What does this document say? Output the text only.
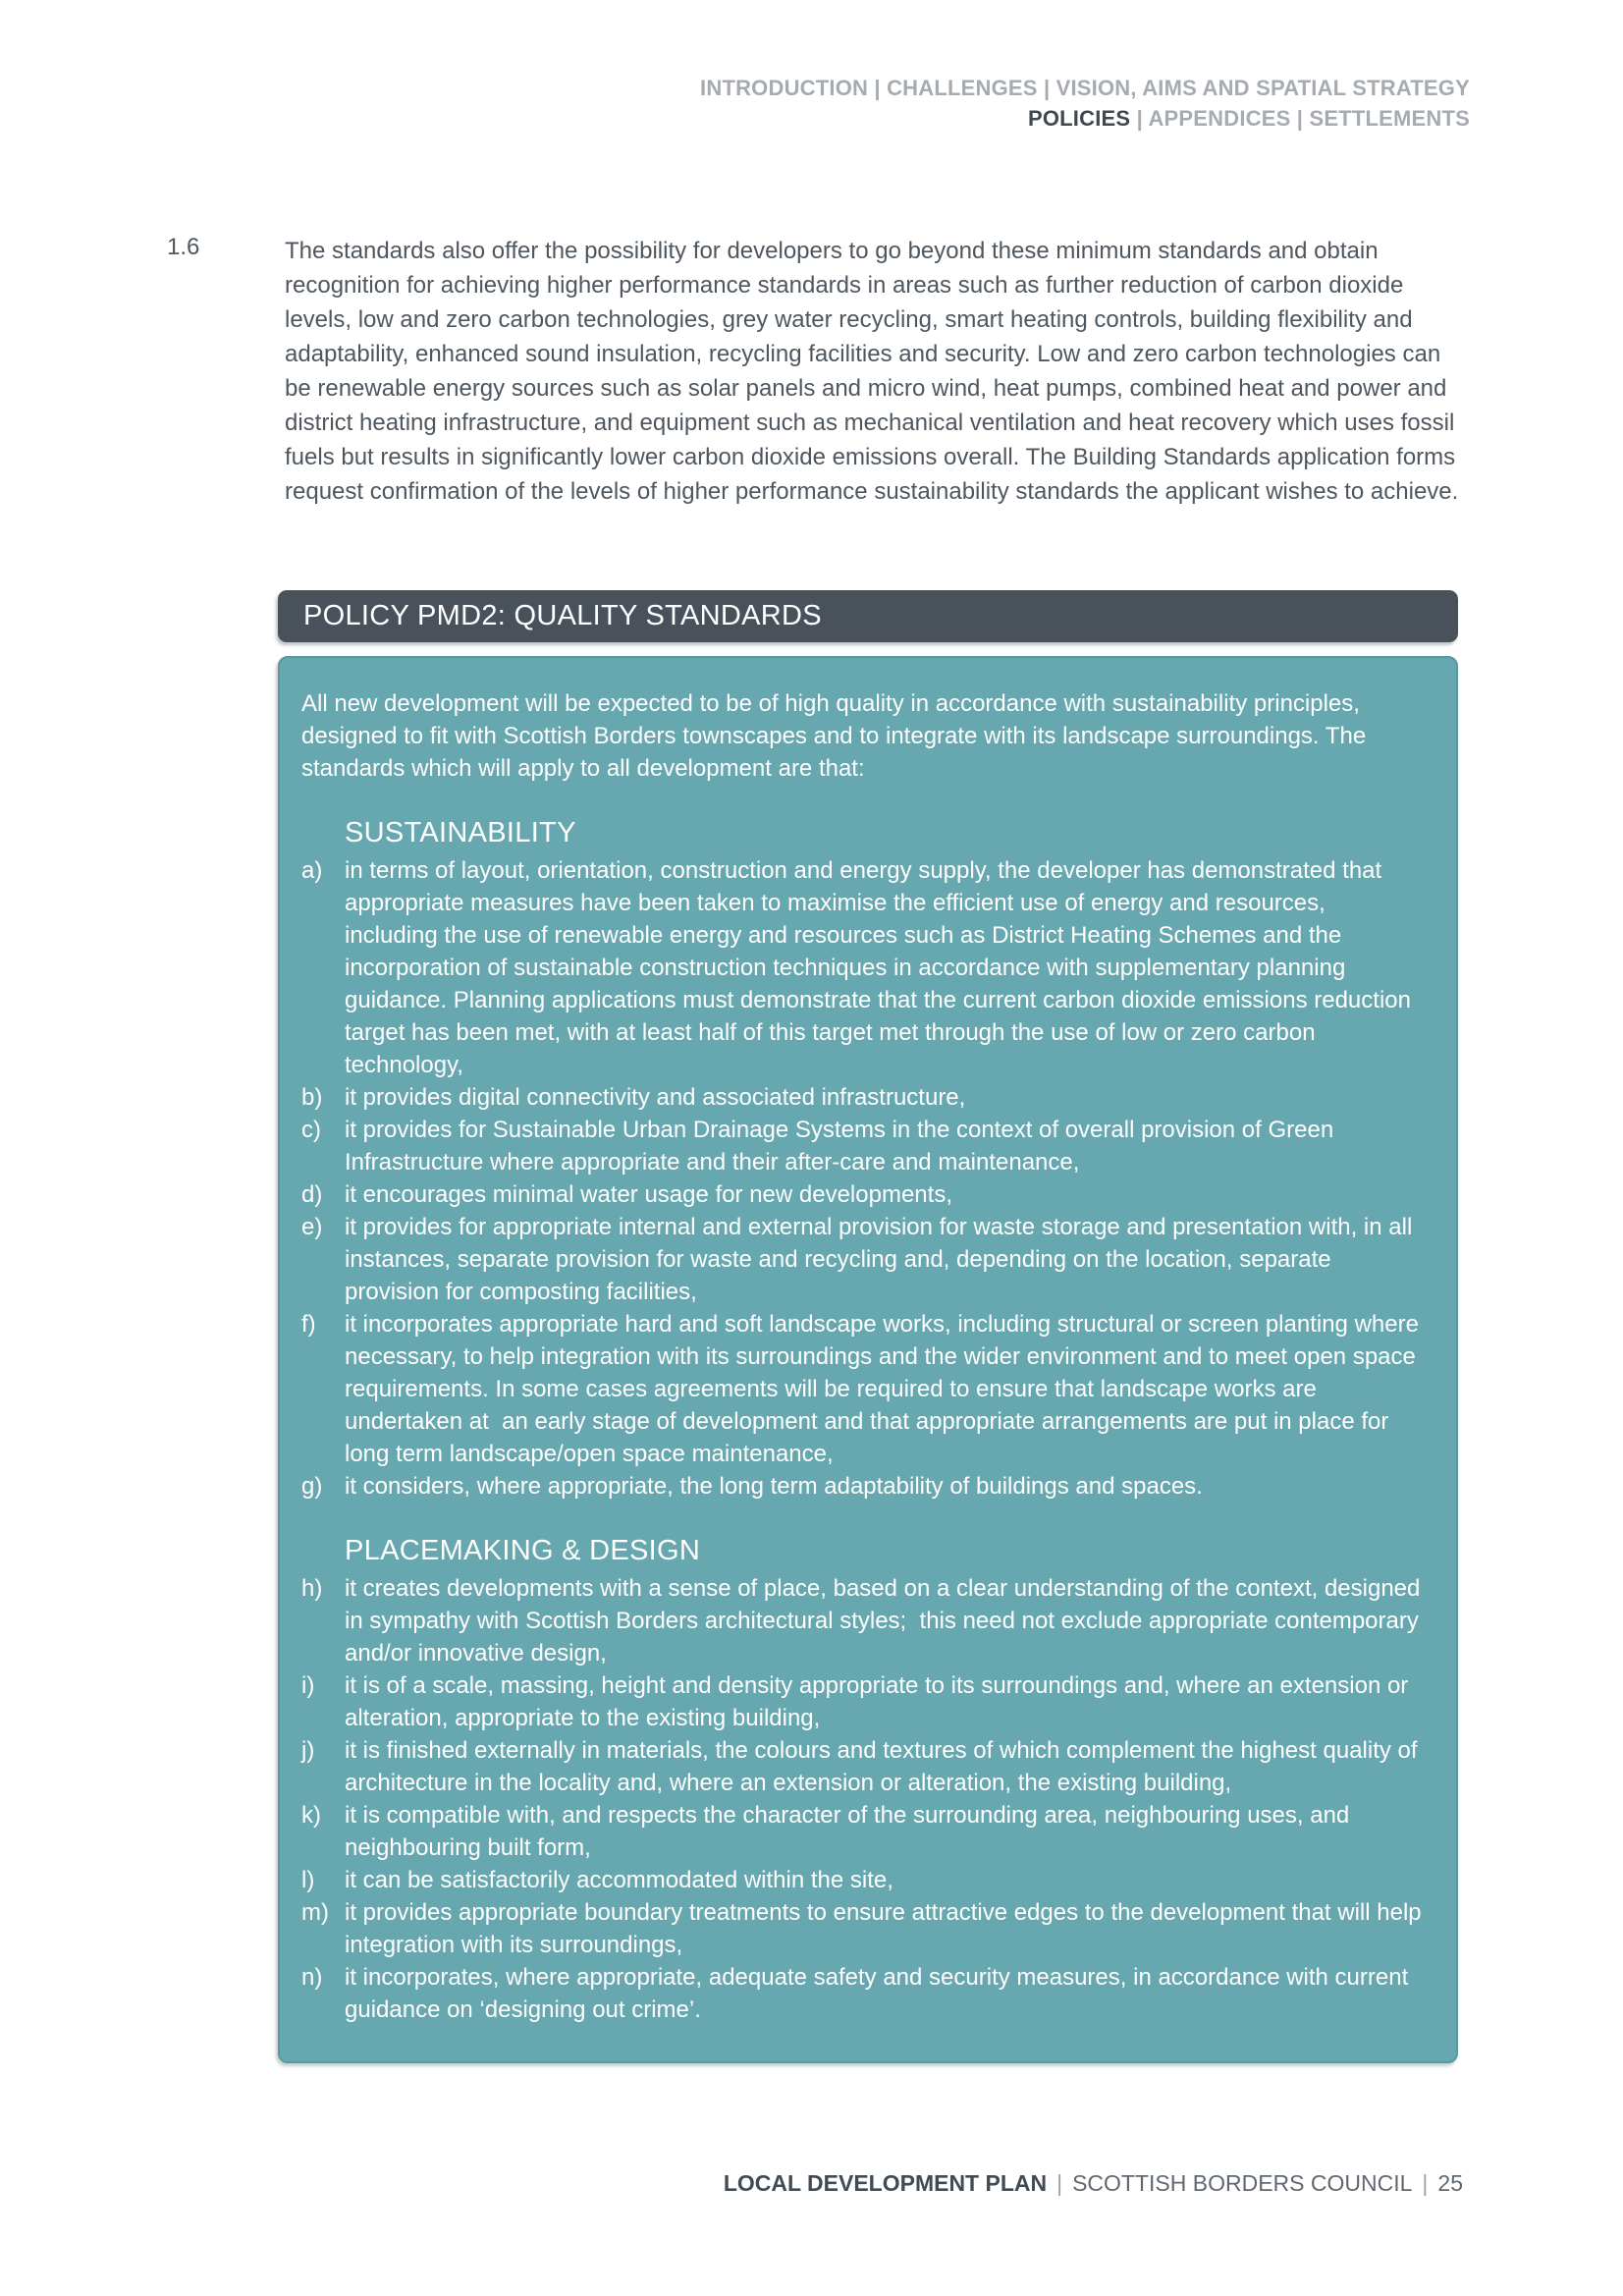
INTRODUCTION | CHALLENGES | VISION, AIMS AND SPATIAL STRATEGY
POLICIES | APPENDICES | SETTLEMENTS
1.6	The standards also offer the possibility for developers to go beyond these minimum standards and obtain recognition for achieving higher performance standards in areas such as further reduction of carbon dioxide levels, low and zero carbon technologies, grey water recycling, smart heating controls, building flexibility and adaptability, enhanced sound insulation, recycling facilities and security. Low and zero carbon technologies can be renewable energy sources such as solar panels and micro wind, heat pumps, combined heat and power and district heating infrastructure, and equipment such as mechanical ventilation and heat recovery which uses fossil fuels but results in significantly lower carbon dioxide emissions overall. The Building Standards application forms request confirmation of the levels of higher performance sustainability standards the applicant wishes to achieve.
POLICY PMD2: QUALITY STANDARDS

All new development will be expected to be of high quality in accordance with sustainability principles, designed to fit with Scottish Borders townscapes and to integrate with its landscape surroundings. The standards which will apply to all development are that:

SUSTAINABILITY
a) in terms of layout, orientation, construction and energy supply, the developer has demonstrated that appropriate measures have been taken to maximise the efficient use of energy and resources, including the use of renewable energy and resources such as District Heating Schemes and the incorporation of sustainable construction techniques in accordance with supplementary planning guidance. Planning applications must demonstrate that the current carbon dioxide emissions reduction target has been met, with at least half of this target met through the use of low or zero carbon technology,
b) it provides digital connectivity and associated infrastructure,
c)	it provides for Sustainable Urban Drainage Systems in the context of overall provision of Green Infrastructure where appropriate and their after-care and maintenance,
d) it encourages minimal water usage for new developments,
e) it provides for appropriate internal and external provision for waste storage and presentation with, in all instances, separate provision for waste and recycling and, depending on the location, separate provision for composting facilities,
f)	it incorporates appropriate hard and soft landscape works, including structural or screen planting where necessary, to help integration with its surroundings and the wider environment and to meet open space requirements. In some cases agreements will be required to ensure that landscape works are undertaken at  an early stage of development and that appropriate arrangements are put in place for long term landscape/open space maintenance,
g) it considers, where appropriate, the long term adaptability of buildings and spaces.
PLACEMAKING & DESIGN
h) it creates developments with a sense of place, based on a clear understanding of the context, designed in sympathy with Scottish Borders architectural styles;  this need not exclude appropriate contemporary and/or innovative design,
i)	it is of a scale, massing, height and density appropriate to its surroundings and, where an extension or alteration, appropriate to the existing building,
j)	it is finished externally in materials, the colours and textures of which complement the highest quality of architecture in the locality and, where an extension or alteration, the existing building,
k)	it is compatible with, and respects the character of the surrounding area, neighbouring uses, and neighbouring built form,
l)	it can be satisfactorily accommodated within the site,
m) it provides appropriate boundary treatments to ensure attractive edges to the development that will help integration with its surroundings,
n) it incorporates, where appropriate, adequate safety and security measures, in accordance with current guidance on ‘designing out crime’.
LOCAL DEVELOPMENT PLAN | SCOTTISH BORDERS COUNCIL | 25
